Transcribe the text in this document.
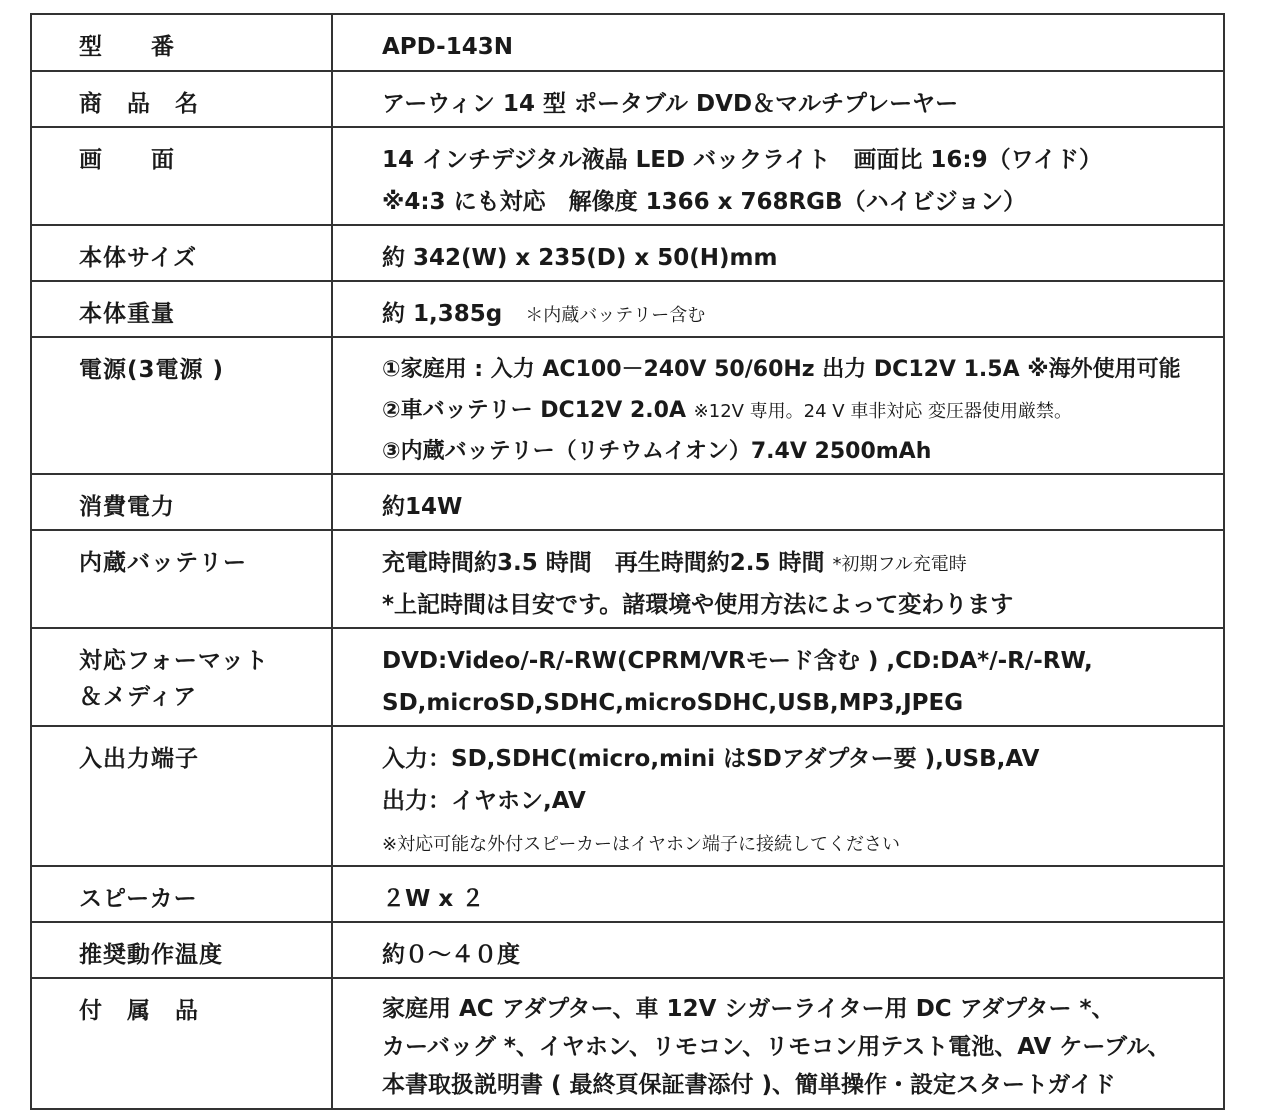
型　　番	APD-143N

商　品　名	アーウィン 14 型 ポータブル DVD＆マルチプレーヤー

画　　面	14 インチデジタル液晶 LED バックライト　画面比 16:9（ワイド）
※4:3 にも対応　解像度 1366 x 768RGB（ハイビジョン）

本体サイズ	約 342(W) x 235(D) x 50(H)mm

本体重量	約 1,385g　＊内蔵バッテリー含む

電源(3電源 )	①家庭用 : 入力 AC100－240V 50/60Hz 出力 DC12V 1.5A ※海外使用可能
②車バッテリー DC12V 2.0A ※12V 専用。24 V 車非対応 変圧器使用厳禁。
③内蔵バッテリー（リチウムイオン）7.4V 2500mAh

消費電力	約14W

内蔵バッテリー	充電時間約3.5 時間　再生時間約2.5 時間 *初期フル充電時
*上記時間は目安です。諸環境や使用方法によって変わります

対応フォーマット
＆メディア	DVD:Video/-R/-RW(CPRM/VRモード含む ) ,CD:DA*/-R/-RW,
SD,microSD,SDHC,microSDHC,USB,MP3,JPEG

入出力端子	入力：SD,SDHC(micro,mini はSDアダプター要 ),USB,AV
出力：イヤホン,AV
※対応可能な外付スピーカーはイヤホン端子に接続してください

スピーカー	２W x ２

推奨動作温度	約０～４０度

付　属　品	家庭用 AC アダプター、車 12V シガーライター用 DC アダプター *、
カーバッグ *、イヤホン、リモコン、リモコン用テスト電池、AV ケーブル、
本書取扱説明書 ( 最終頁保証書添付 )、簡単操作・設定スタートガイド
